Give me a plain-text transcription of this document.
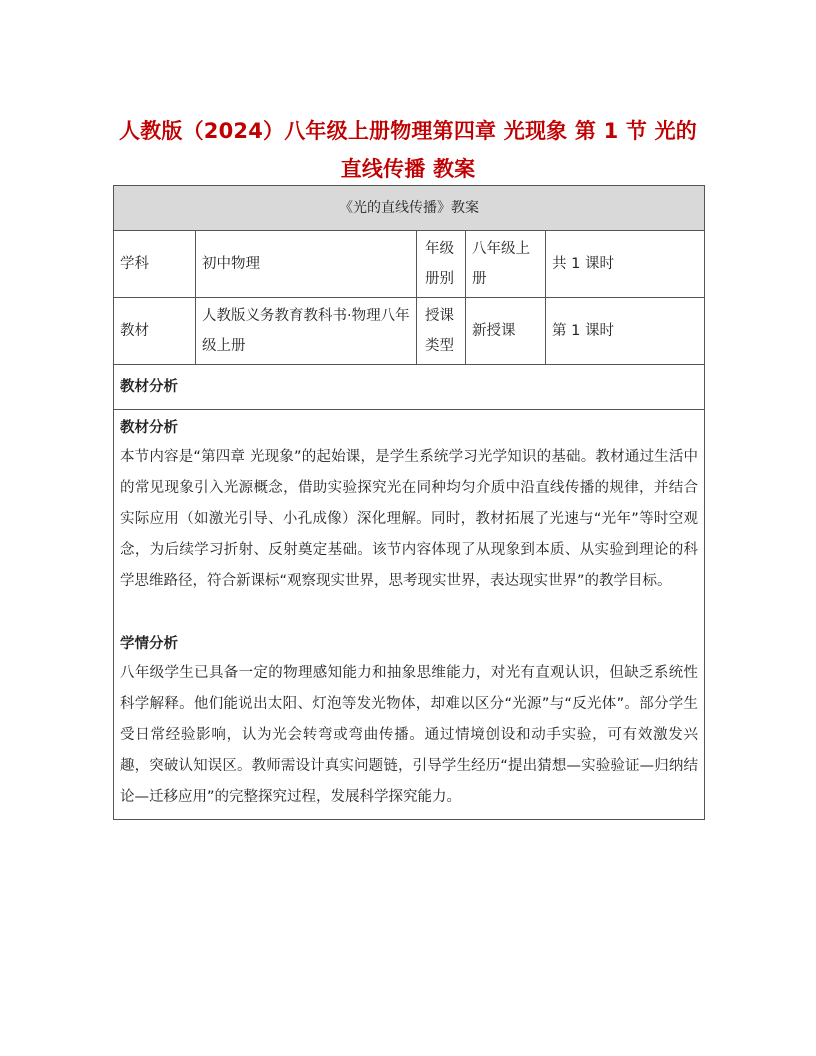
人教版（2024）八年级上册物理第四章 光现象 第 1 节 光的
直线传播 教案
《光的直线传播》教案				
学科	初中物理	年级册别	八年级上册	共 1 课时
教材	人教版义务教育教科书·物理八年级上册	授课类型	新授课	第 1 课时
教材分析				

教材分析

本节内容是“第四章 光现象”的起始课，是学生系统学习光学知识的基础。教材通过生活中的常见现象引入光源概念，借助实验探究光在同种均匀介质中沿直线传播的规律，并结合实际应用（如激光引导、小孔成像）深化理解。同时，教材拓展了光速与“光年”等时空观念，为后续学习折射、反射奠定基础。该节内容体现了从现象到本质、从实验到理论的科学思维路径，符合新课标“观察现实世界，思考现实世界，表达现实世界”的教学目标。

学情分析

八年级学生已具备一定的物理感知能力和抽象思维能力，对光有直观认识，但缺乏系统性科学解释。他们能说出太阳、灯泡等发光物体，却难以区分“光源”与“反光体”。部分学生受日常经验影响，认为光会转弯或弯曲传播。通过情境创设和动手实验，可有效激发兴趣，突破认知误区。教师需设计真实问题链，引导学生经历“提出猜想—实验验证—归纳结论—迁移应用”的完整探究过程，发展科学探究能力。				
